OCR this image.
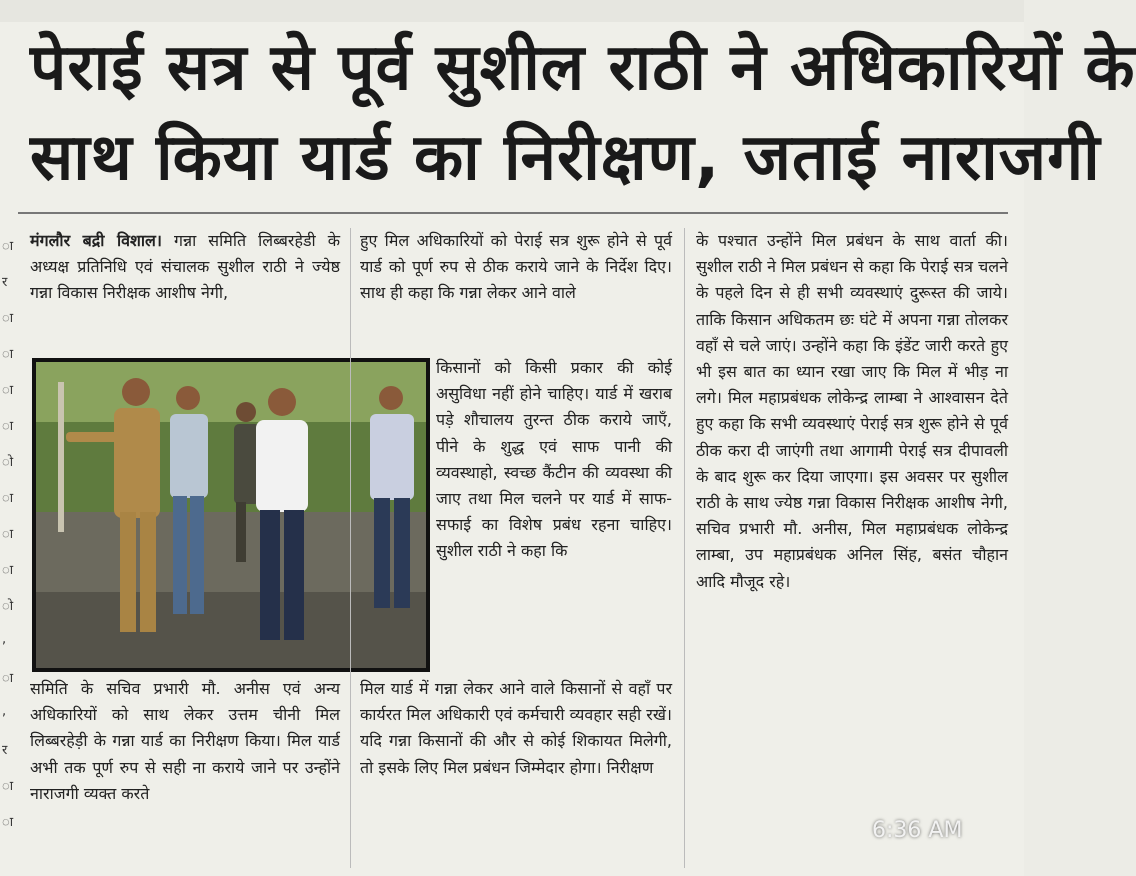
पेराई सत्र से पूर्व सुशील राठी ने अधिकारियों के
साथ किया यार्ड का निरीक्षण, जताई नाराजगी
ा
र
ा
ा
ा
ा
ो
ा
ा
ा
ो
,
ा
,
र
ा
ा

मंगलौर बद्री विशाल। गन्ना समिति लिब्बरहेडी के अध्यक्ष प्रतिनिधि एवं संचालक सुशील राठी ने ज्येष्ठ गन्ना विकास निरीक्षक आशीष नेगी,

समिति के सचिव प्रभारी मौ. अनीस एवं अन्य अधिकारियों को साथ लेकर उत्तम चीनी मिल लिब्बरहेड़ी के गन्ना यार्ड का निरीक्षण किया। मिल यार्ड अभी तक पूर्ण रुप से सही ना कराये जाने पर उन्होंने नाराजगी व्यक्त करते

हुए मिल अधिकारियों को पेराई सत्र शुरू होने से पूर्व यार्ड को पूर्ण रुप से ठीक कराये जाने के निर्देश दिए। साथ ही कहा कि गन्ना लेकर आने वाले

किसानों को किसी प्रकार की कोई असुविधा नहीं होने चाहिए। यार्ड में खराब पड़े शौचालय तुरन्त ठीक कराये जाएँ, पीने के शुद्ध एवं साफ पानी की व्यवस्थाहो, स्वच्छ कैंटीन की व्यवस्था की जाए तथा मिल चलने पर यार्ड में साफ-सफाई का विशेष प्रबंध रहना चाहिए। सुशील राठी ने कहा कि

मिल यार्ड में गन्ना लेकर आने वाले किसानों से वहाँ पर कार्यरत मिल अधिकारी एवं कर्मचारी व्यवहार सही रखें। यदि गन्ना किसानों की और से कोई शिकायत मिलेगी, तो इसके लिए मिल प्रबंधन जिम्मेदार होगा। निरीक्षण

के पश्चात उन्होंने मिल प्रबंधन के साथ वार्ता की। सुशील राठी ने मिल प्रबंधन से कहा कि पेराई सत्र चलने के पहले दिन से ही सभी व्यवस्थाएं दुरूस्त की जाये। ताकि किसान अधिकतम छः घंटे में अपना गन्ना तोलकर वहाँ से चले जाएं। उन्होंने कहा कि इंडेंट जारी करते हुए भी इस बात का ध्यान रखा जाए कि मिल में भीड़ ना लगे। मिल महाप्रबंधक लोकेन्द्र लाम्बा ने आश्वासन देते हुए कहा कि सभी व्यवस्थाएं पेराई सत्र शुरू होने से पूर्व ठीक करा दी जाएंगी तथा आगामी पेराई सत्र दीपावली के बाद शुरू कर दिया जाएगा। इस अवसर पर सुशील राठी के साथ ज्येष्ठ गन्ना विकास निरीक्षक आशीष नेगी, सचिव प्रभारी मौ. अनीस, मिल महाप्रबंधक लोकेन्द्र लाम्बा, उप महाप्रबंधक अनिल सिंह, बसंत चौहान आदि मौजूद रहे।

6:36 AM
